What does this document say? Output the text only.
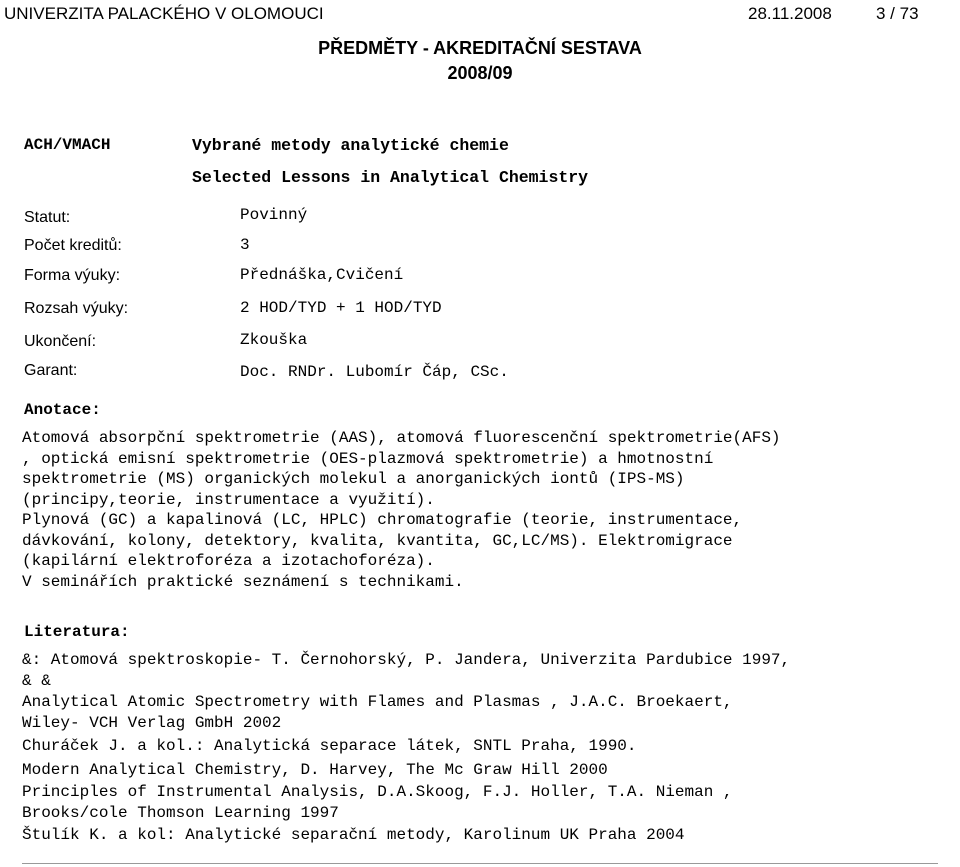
UNIVERZITA PALACKÉHO V OLOMOUCI	28.11.2008	3 / 73
PŘEDMĚTY - AKREDITAČNÍ SESTAVA
2008/09
ACH/VMACH	Vybrané metody analytické chemie
Selected Lessons in Analytical Chemistry
Statut:	Povinný
Počet kreditů:	3
Forma výuky:	Přednáška,Cvičení
Rozsah výuky:	2 HOD/TYD + 1 HOD/TYD
Ukončení:	Zkouška
Garant:	Doc. RNDr. Lubomír Čáp, CSc.
Anotace:
Atomová absorpční spektrometrie (AAS), atomová fluorescenční spektrometrie(AFS)
, optická emisní spektrometrie (OES-plazmová spektrometrie) a hmotnostní
spektrometrie (MS) organických molekul a anorganických iontů (IPS-MS)
(principy,teorie, instrumentace a využití).
Plynová (GC) a kapalinová (LC, HPLC) chromatografie (teorie, instrumentace,
dávkování, kolony, detektory, kvalita, kvantita, GC,LC/MS). Elektromigrace
(kapilární elektroforéza a izotachoforéza).
V seminářích praktické seznámení s technikami.
Literatura:
&: Atomová spektroskopie- T. Černohorský, P. Jandera, Univerzita Pardubice 1997,
& &
Analytical Atomic Spectrometry with Flames and Plasmas , J.A.C. Broekaert,
Wiley- VCH Verlag GmbH 2002
Churáček J. a kol.: Analytická separace látek, SNTL Praha, 1990.
Modern Analytical Chemistry, D. Harvey, The Mc Graw Hill 2000
Principles of Instrumental Analysis, D.A.Skoog, F.J. Holler, T.A. Nieman ,
Brooks/cole Thomson Learning 1997
Štulík K. a kol: Analytické separační metody, Karolinum UK Praha 2004
